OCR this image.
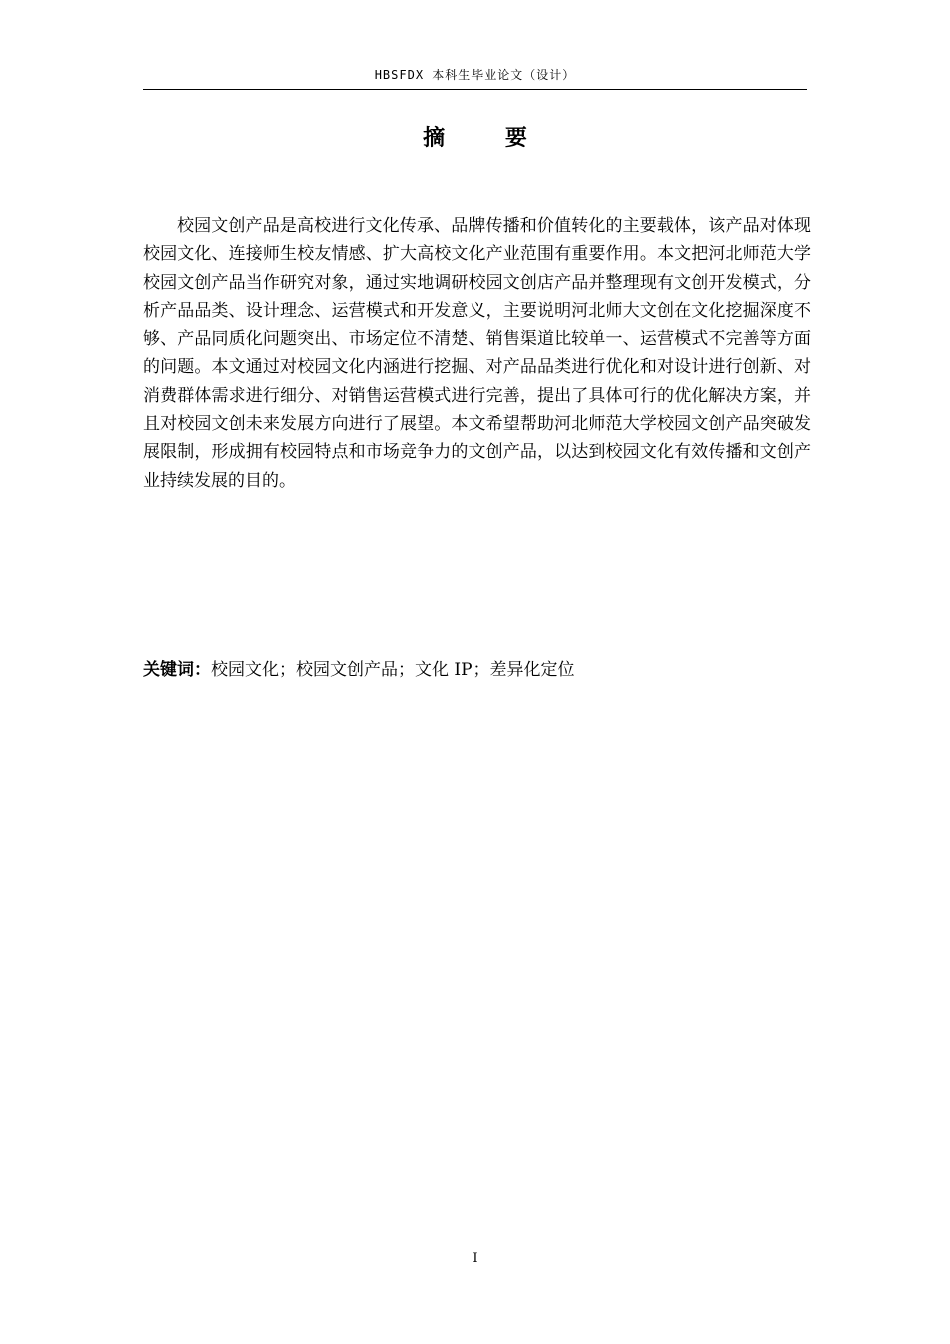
HBSFDX 本科生毕业论文（设计）
摘 要

校园文创产品是高校进行文化传承、品牌传播和价值转化的主要载体，该产品对体现校园文化、连接师生校友情感、扩大高校文化产业范围有重要作用。本文把河北师范大学校园文创产品当作研究对象，通过实地调研校园文创店产品并整理现有文创开发模式，分析产品品类、设计理念、运营模式和开发意义，主要说明河北师大文创在文化挖掘深度不够、产品同质化问题突出、市场定位不清楚、销售渠道比较单一、运营模式不完善等方面的问题。本文通过对校园文化内涵进行挖掘、对产品品类进行优化和对设计进行创新、对消费群体需求进行细分、对销售运营模式进行完善，提出了具体可行的优化解决方案，并且对校园文创未来发展方向进行了展望。本文希望帮助河北师范大学校园文创产品突破发展限制，形成拥有校园特点和市场竞争力的文创产品，以达到校园文化有效传播和文创产业持续发展的目的。

关键词：校园文化；校园文创产品；文化 IP；差异化定位
I
